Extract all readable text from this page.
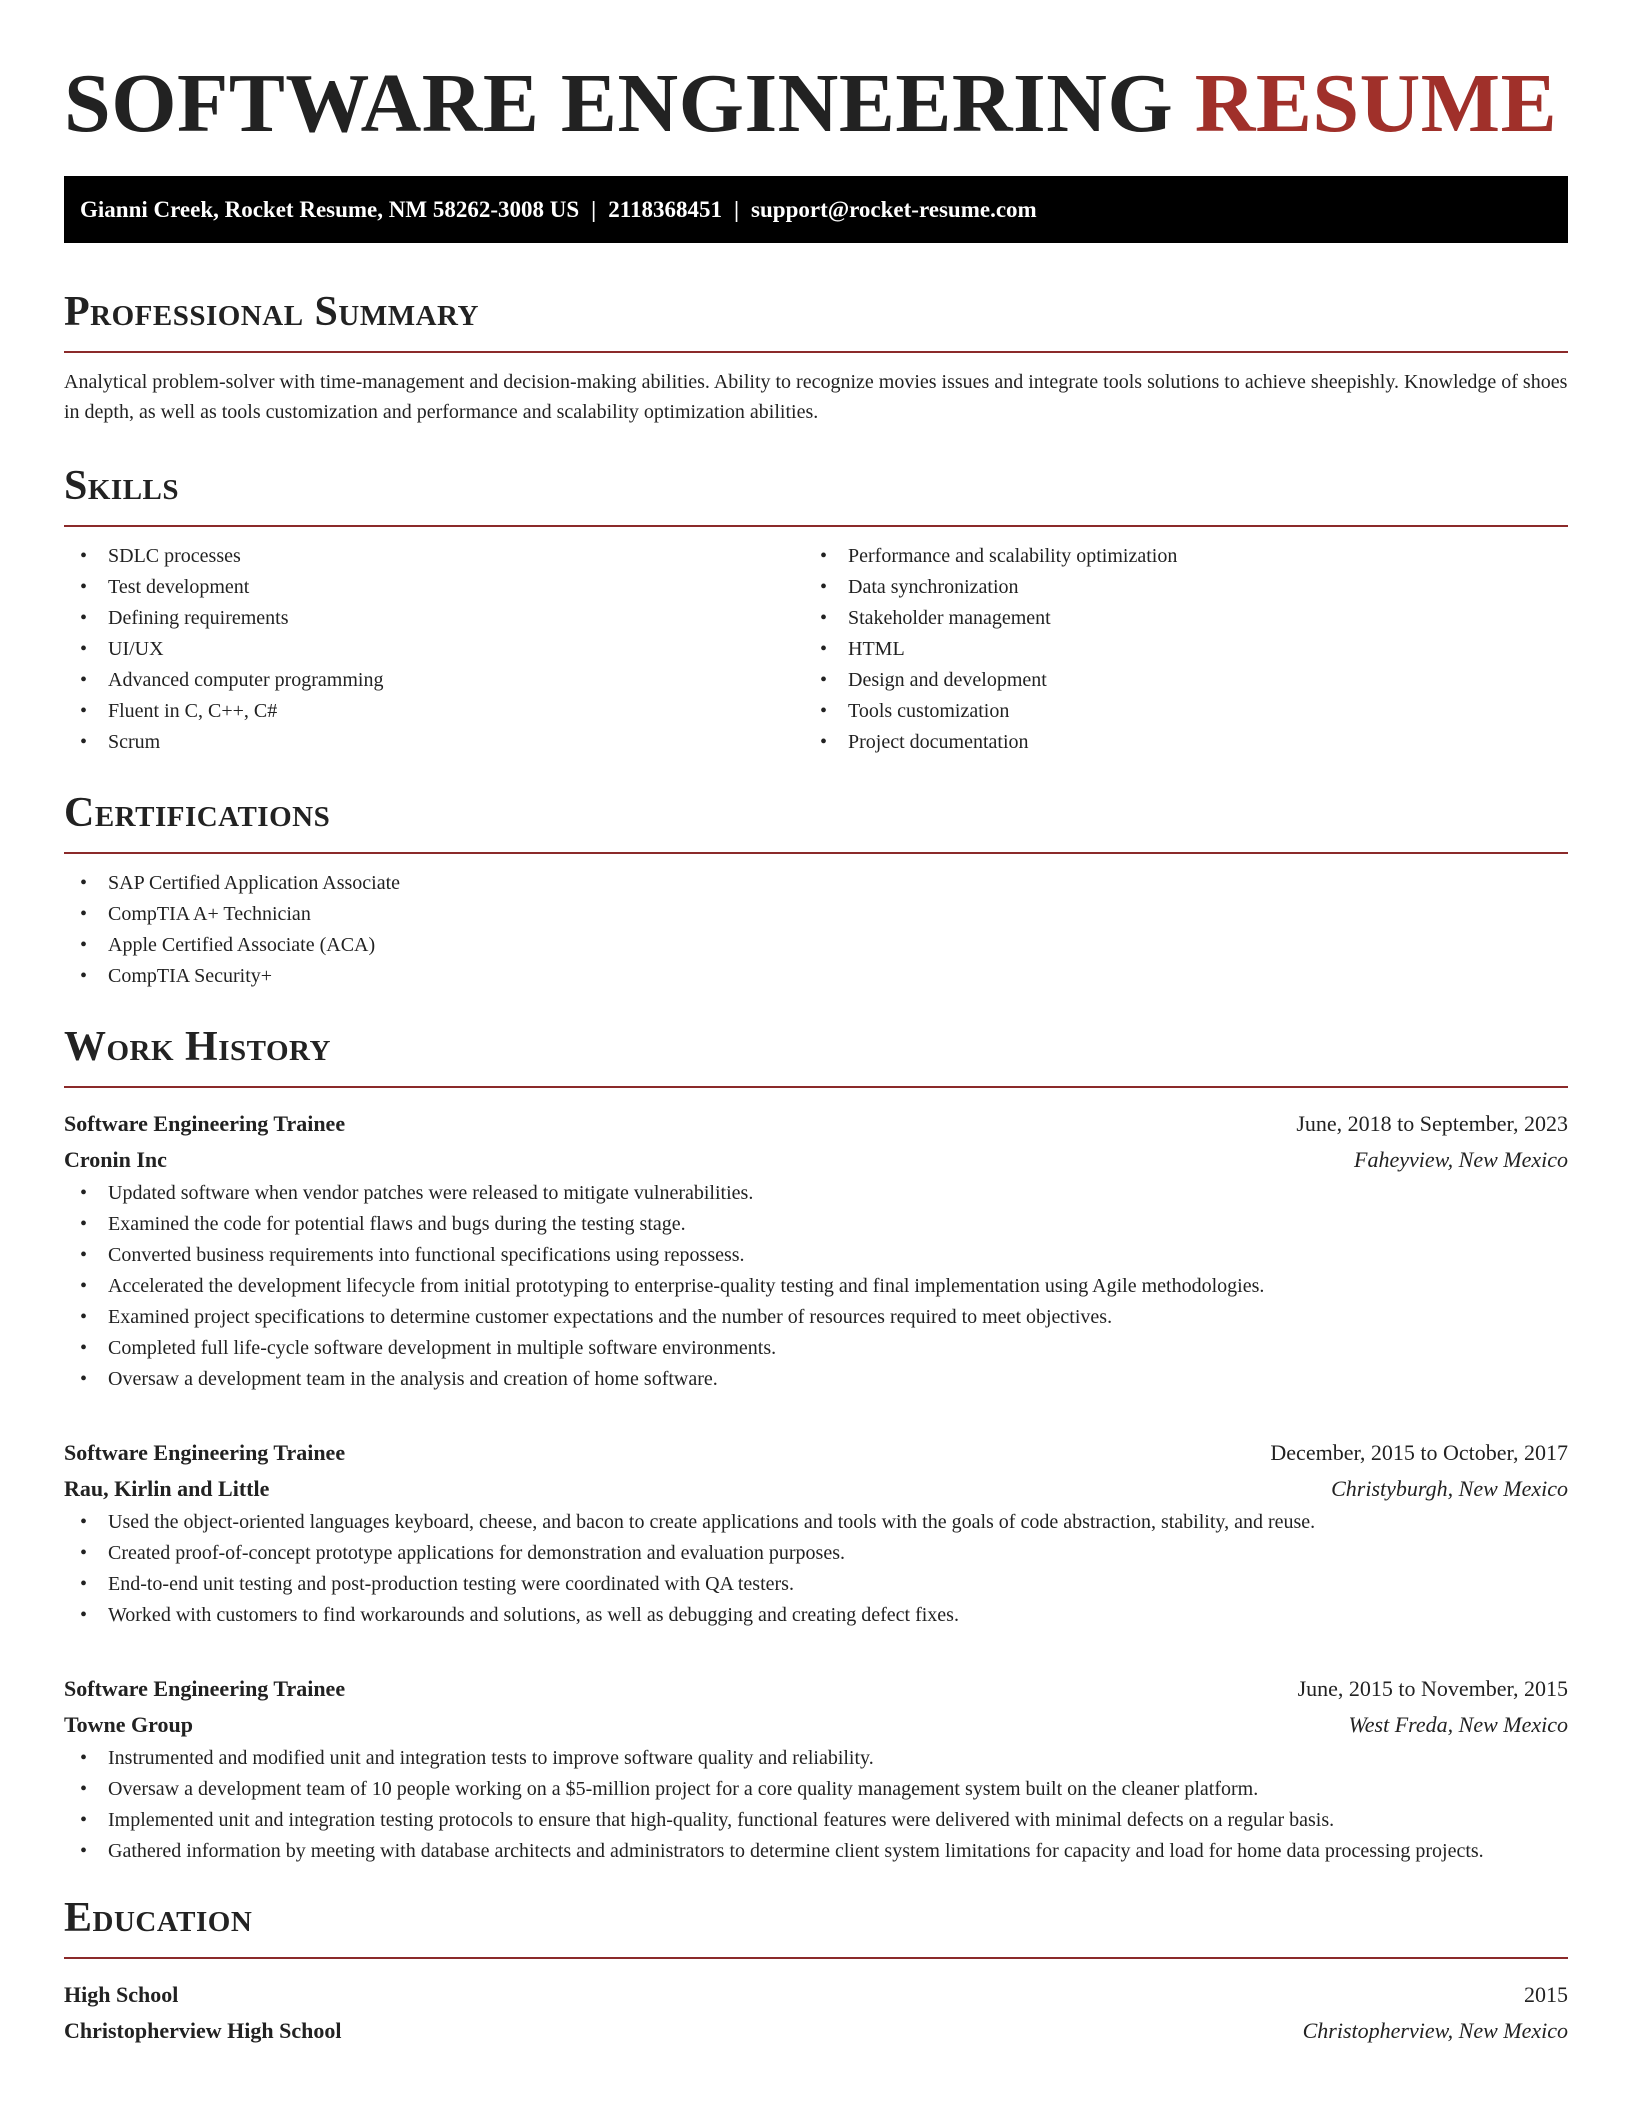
SOFTWARE ENGINEERING RESUME
Gianni Creek, Rocket Resume, NM 58262-3008 US | 2118368451 | support@rocket-resume.com
Professional Summary

Analytical problem-solver with time-management and decision-making abilities. Ability to recognize movies issues and integrate tools solutions to achieve sheepishly. Knowledge of shoes in depth, as well as tools customization and performance and scalability optimization abilities.

Skills
• SDLC processes
• Test development
• Defining requirements
• UI/UX
• Advanced computer programming
• Fluent in C, C++, C#
• Scrum
• Performance and scalability optimization
• Data synchronization
• Stakeholder management
• HTML
• Design and development
• Tools customization
• Project documentation
Certifications
• SAP Certified Application Associate
• CompTIA A+ Technician
• Apple Certified Associate (ACA)
• CompTIA Security+
Work History
Software Engineering Trainee	June, 2018 to September, 2023
Cronin Inc	Faheyview, New Mexico
• Updated software when vendor patches were released to mitigate vulnerabilities.
• Examined the code for potential flaws and bugs during the testing stage.
• Converted business requirements into functional specifications using repossess.
• Accelerated the development lifecycle from initial prototyping to enterprise-quality testing and final implementation using Agile methodologies.
• Examined project specifications to determine customer expectations and the number of resources required to meet objectives.
• Completed full life-cycle software development in multiple software environments.
• Oversaw a development team in the analysis and creation of home software.
Software Engineering Trainee	December, 2015 to October, 2017
Rau, Kirlin and Little	Christyburgh, New Mexico
• Used the object-oriented languages keyboard, cheese, and bacon to create applications and tools with the goals of code abstraction, stability, and reuse.
• Created proof-of-concept prototype applications for demonstration and evaluation purposes.
• End-to-end unit testing and post-production testing were coordinated with QA testers.
• Worked with customers to find workarounds and solutions, as well as debugging and creating defect fixes.
Software Engineering Trainee	June, 2015 to November, 2015
Towne Group	West Freda, New Mexico
• Instrumented and modified unit and integration tests to improve software quality and reliability.
• Oversaw a development team of 10 people working on a $5-million project for a core quality management system built on the cleaner platform.
• Implemented unit and integration testing protocols to ensure that high-quality, functional features were delivered with minimal defects on a regular basis.
• Gathered information by meeting with database architects and administrators to determine client system limitations for capacity and load for home data processing projects.
Education
High School	2015
Christopherview High School	Christopherview, New Mexico
